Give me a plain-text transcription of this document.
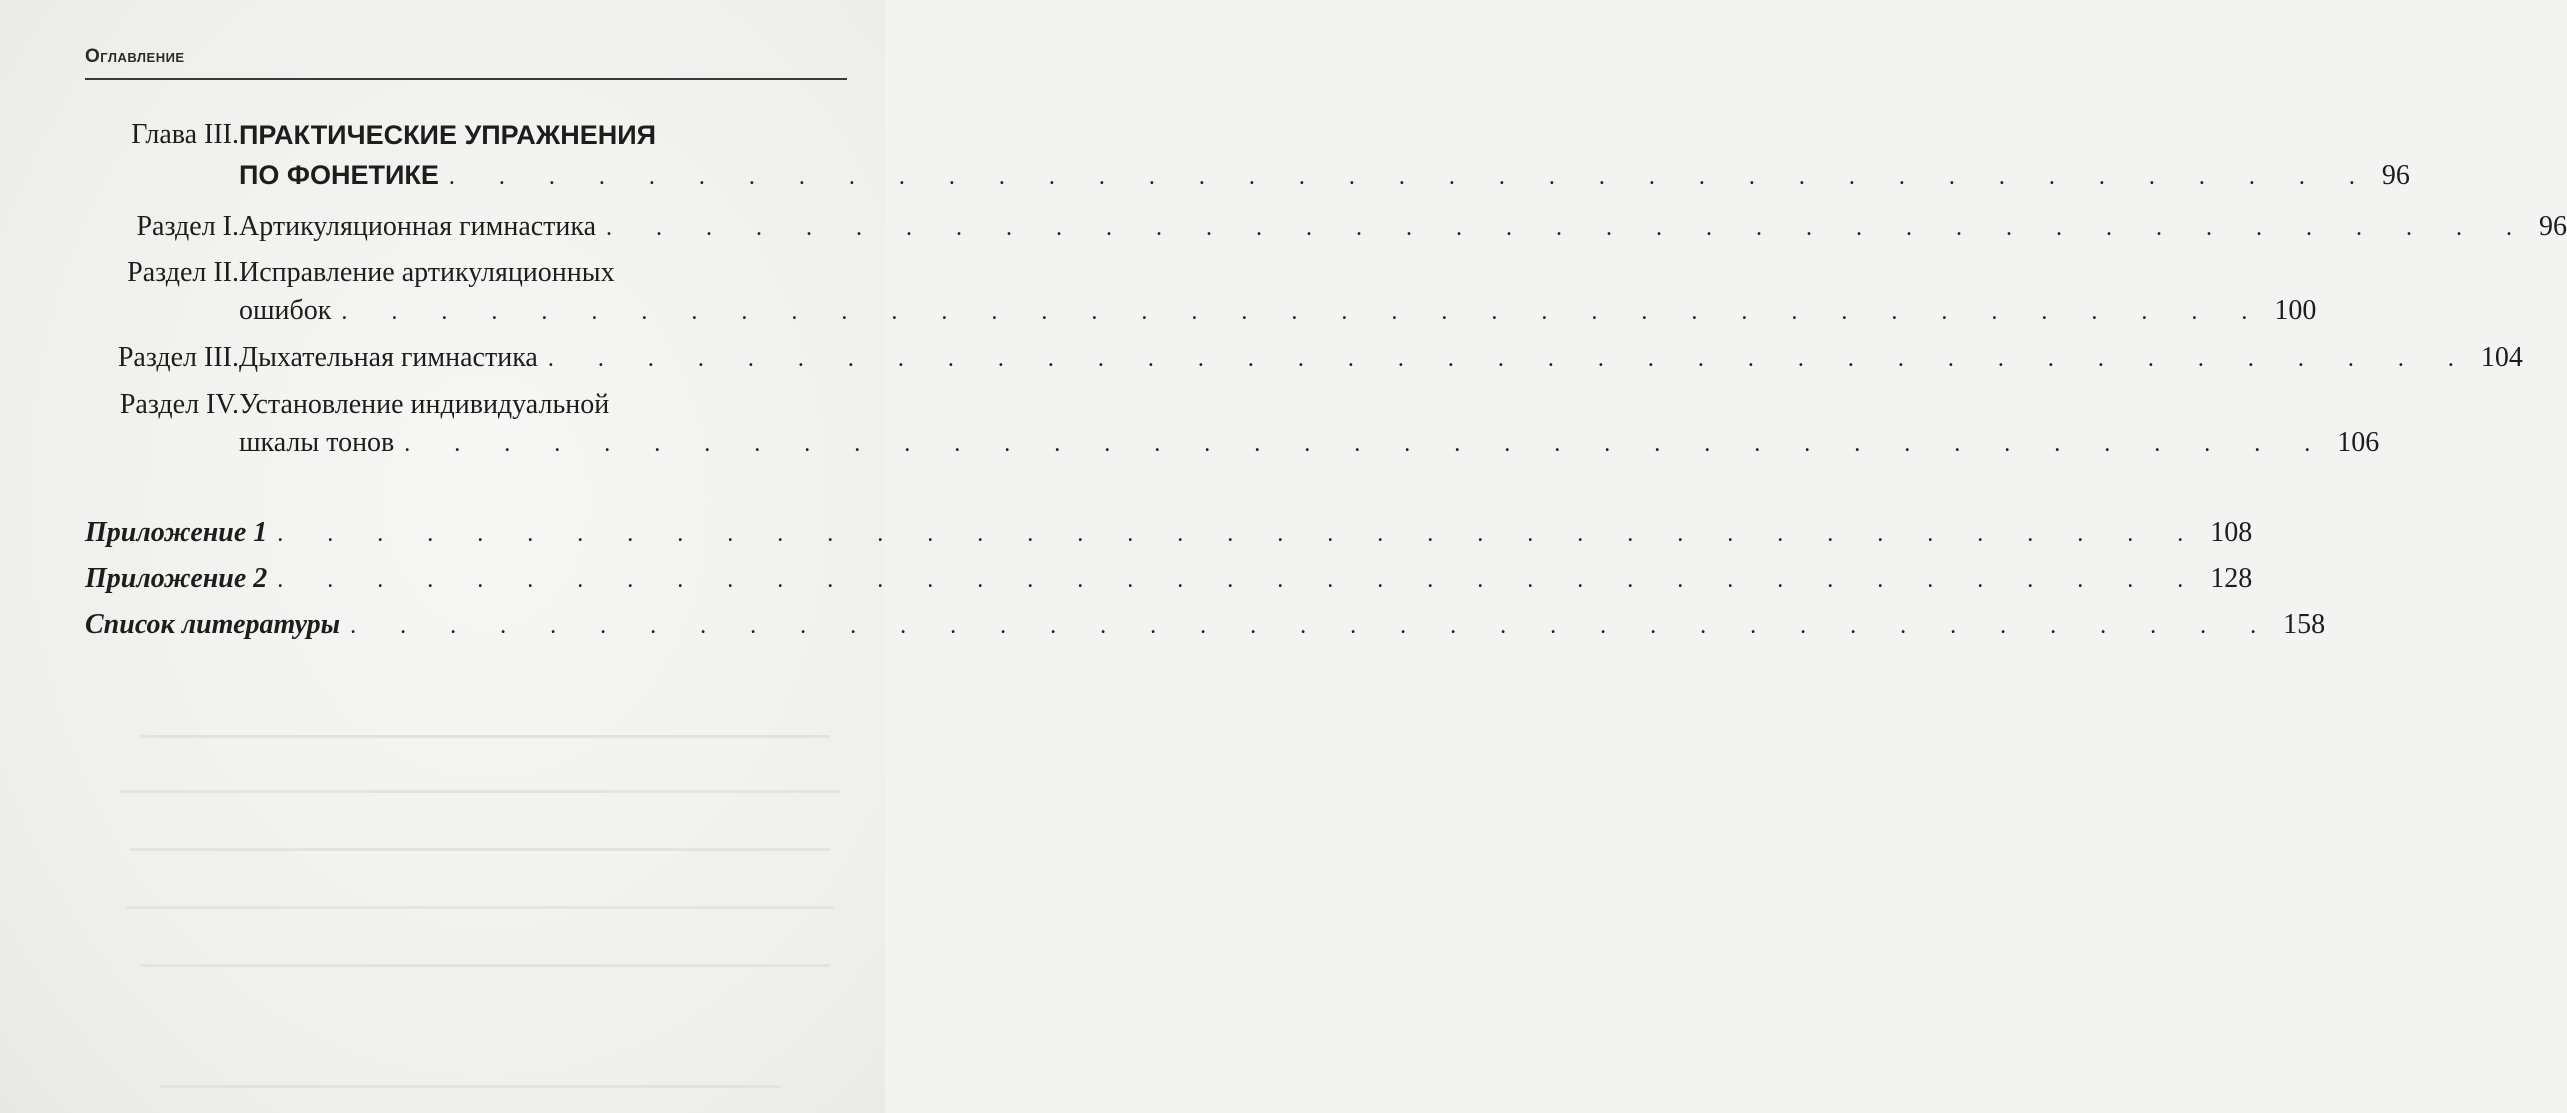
Оглавление
Глава III. ПРАКТИЧЕСКИЕ УПРАЖНЕНИЯ
ПО ФОНЕТИКЕ . . . . . . . . . . . . . . . . . . . . . . . . . . . . . . . . . . . . . . . 96
Раздел I. Артикуляционная гимнастика . . . . . . . . . . . . . . . . . . . . . . . . . . . . . . . . . . . . . . . 96
Раздел II. Исправление артикуляционных
ошибок . . . . . . . . . . . . . . . . . . . . . . . . . . . . . . . . . . . . . . . 100
Раздел III. Дыхательная гимнастика . . . . . . . . . . . . . . . . . . . . . . . . . . . . . . . . . . . . . . . 104
Раздел IV. Установление индивидуальной
шкалы тонов . . . . . . . . . . . . . . . . . . . . . . . . . . . . . . . . . . . . . . . 106
Приложение 1 . . . . . . . . . . . . . . . . . . . . . . . . . . . . . . . . . . . . . . . 108
Приложение 2 . . . . . . . . . . . . . . . . . . . . . . . . . . . . . . . . . . . . . . . 128
Список литературы . . . . . . . . . . . . . . . . . . . . . . . . . . . . . . . . . . . . . . . 158
